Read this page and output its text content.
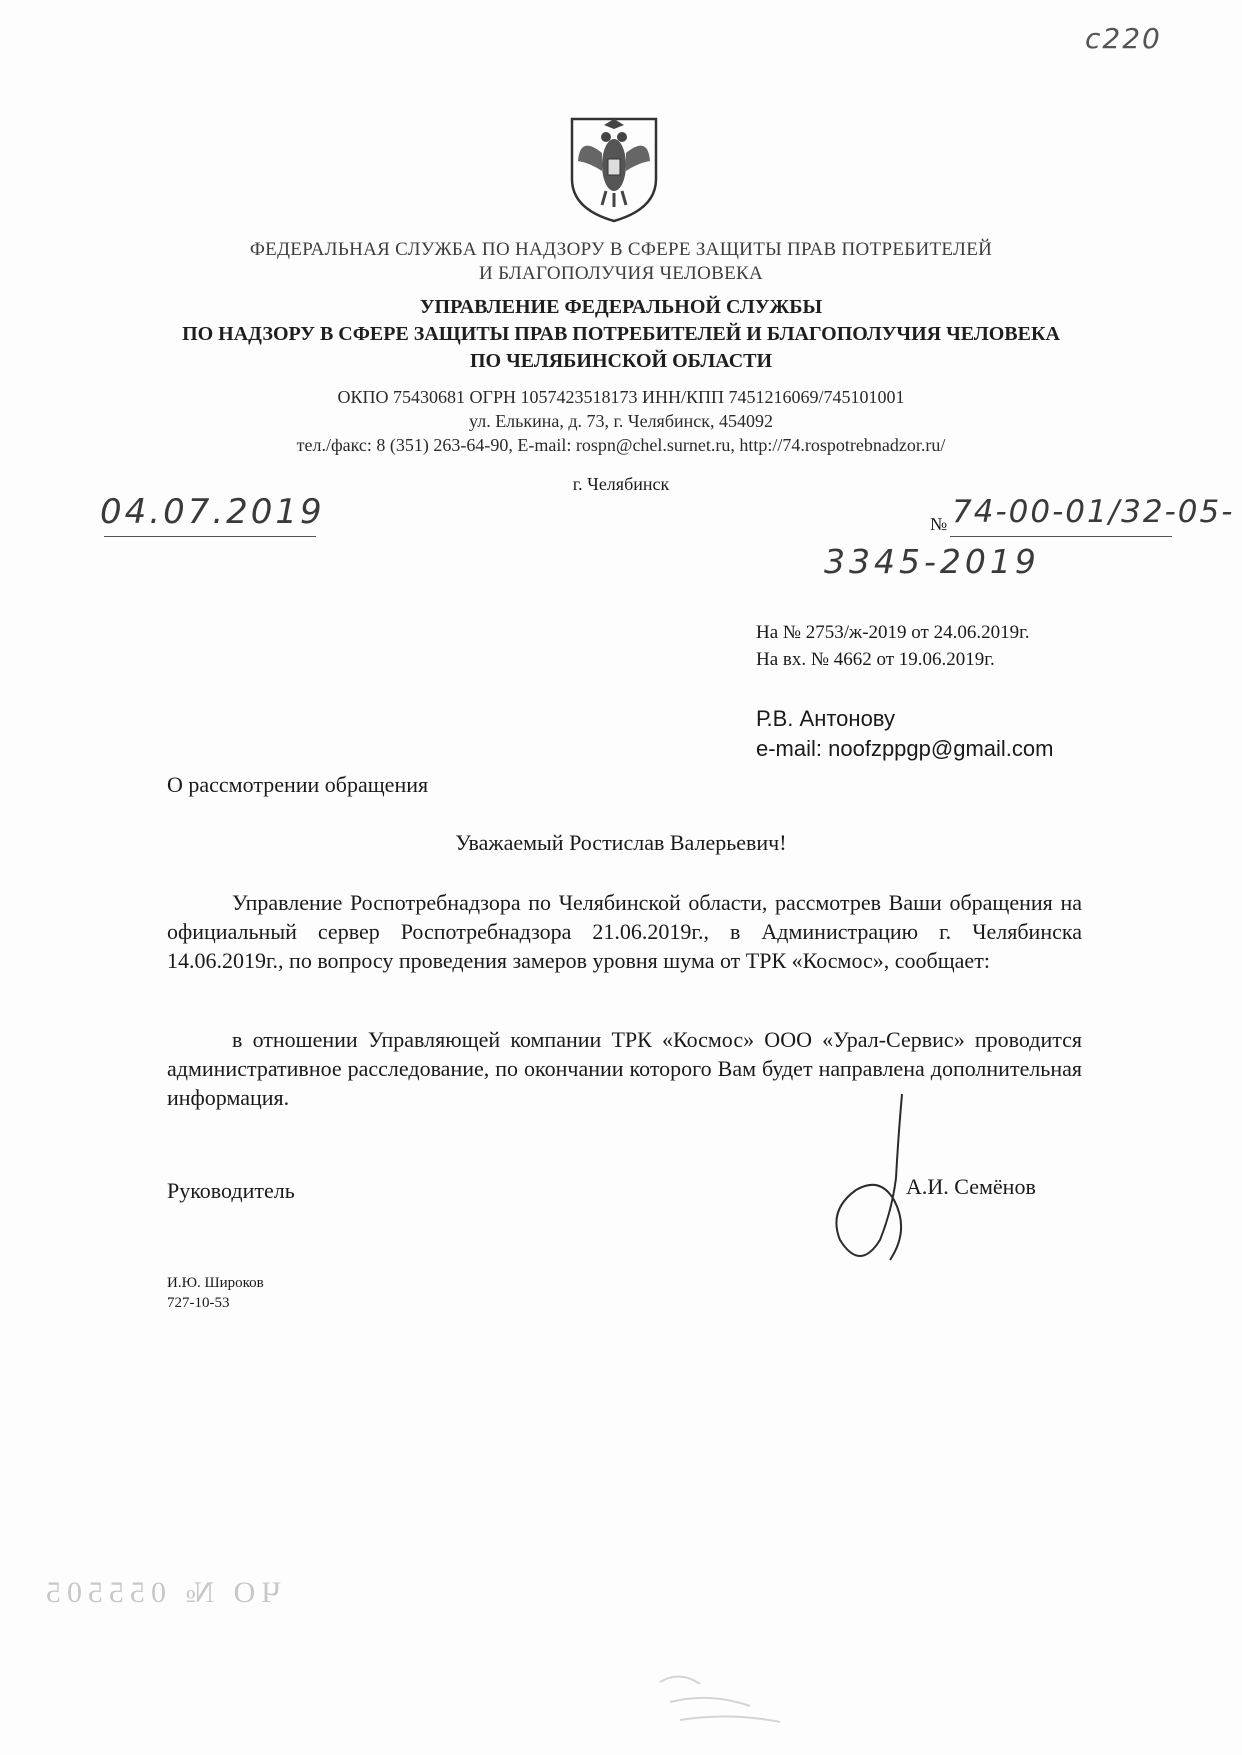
с220
ФЕДЕРАЛЬНАЯ СЛУЖБА ПО НАДЗОРУ В СФЕРЕ ЗАЩИТЫ ПРАВ ПОТРЕБИТЕЛЕЙ
И БЛАГОПОЛУЧИЯ ЧЕЛОВЕКА
УПРАВЛЕНИЕ ФЕДЕРАЛЬНОЙ СЛУЖБЫ
ПО НАДЗОРУ В СФЕРЕ ЗАЩИТЫ ПРАВ ПОТРЕБИТЕЛЕЙ И БЛАГОПОЛУЧИЯ ЧЕЛОВЕКА
ПО ЧЕЛЯБИНСКОЙ ОБЛАСТИ
ОКПО 75430681 ОГРН 1057423518173 ИНН/КПП 7451216069/745101001
ул. Елькина, д. 73, г. Челябинск, 454092
тел./факс: 8 (351) 263-64-90, E-mail: rospn@chel.surnet.ru, http://74.rospotrebnadzor.ru/
г. Челябинск
04.07.2019	№ 74-00-01/32-05-
3345-2019
На № 2753/ж-2019 от 24.06.2019г.
На вх. № 4662 от 19.06.2019г.
Р.В. Антонову
e-mail: noofzppgp@gmail.com
О рассмотрении обращения
Уважаемый Ростислав Валерьевич!
Управление Роспотребнадзора по Челябинской области, рассмотрев Ваши обращения на официальный сервер Роспотребнадзора 21.06.2019г., в Администрацию г. Челябинска 14.06.2019г., по вопросу проведения замеров уровня шума от ТРК «Космос», сообщает:
в отношении Управляющей компании ТРК «Космос» ООО «Урал-Сервис» проводится административное расследование, по окончании которого Вам будет направлена дополнительная информация.
Руководитель	А.И. Семёнов
И.Ю. Широков
727-10-53
ЧО № 055505
